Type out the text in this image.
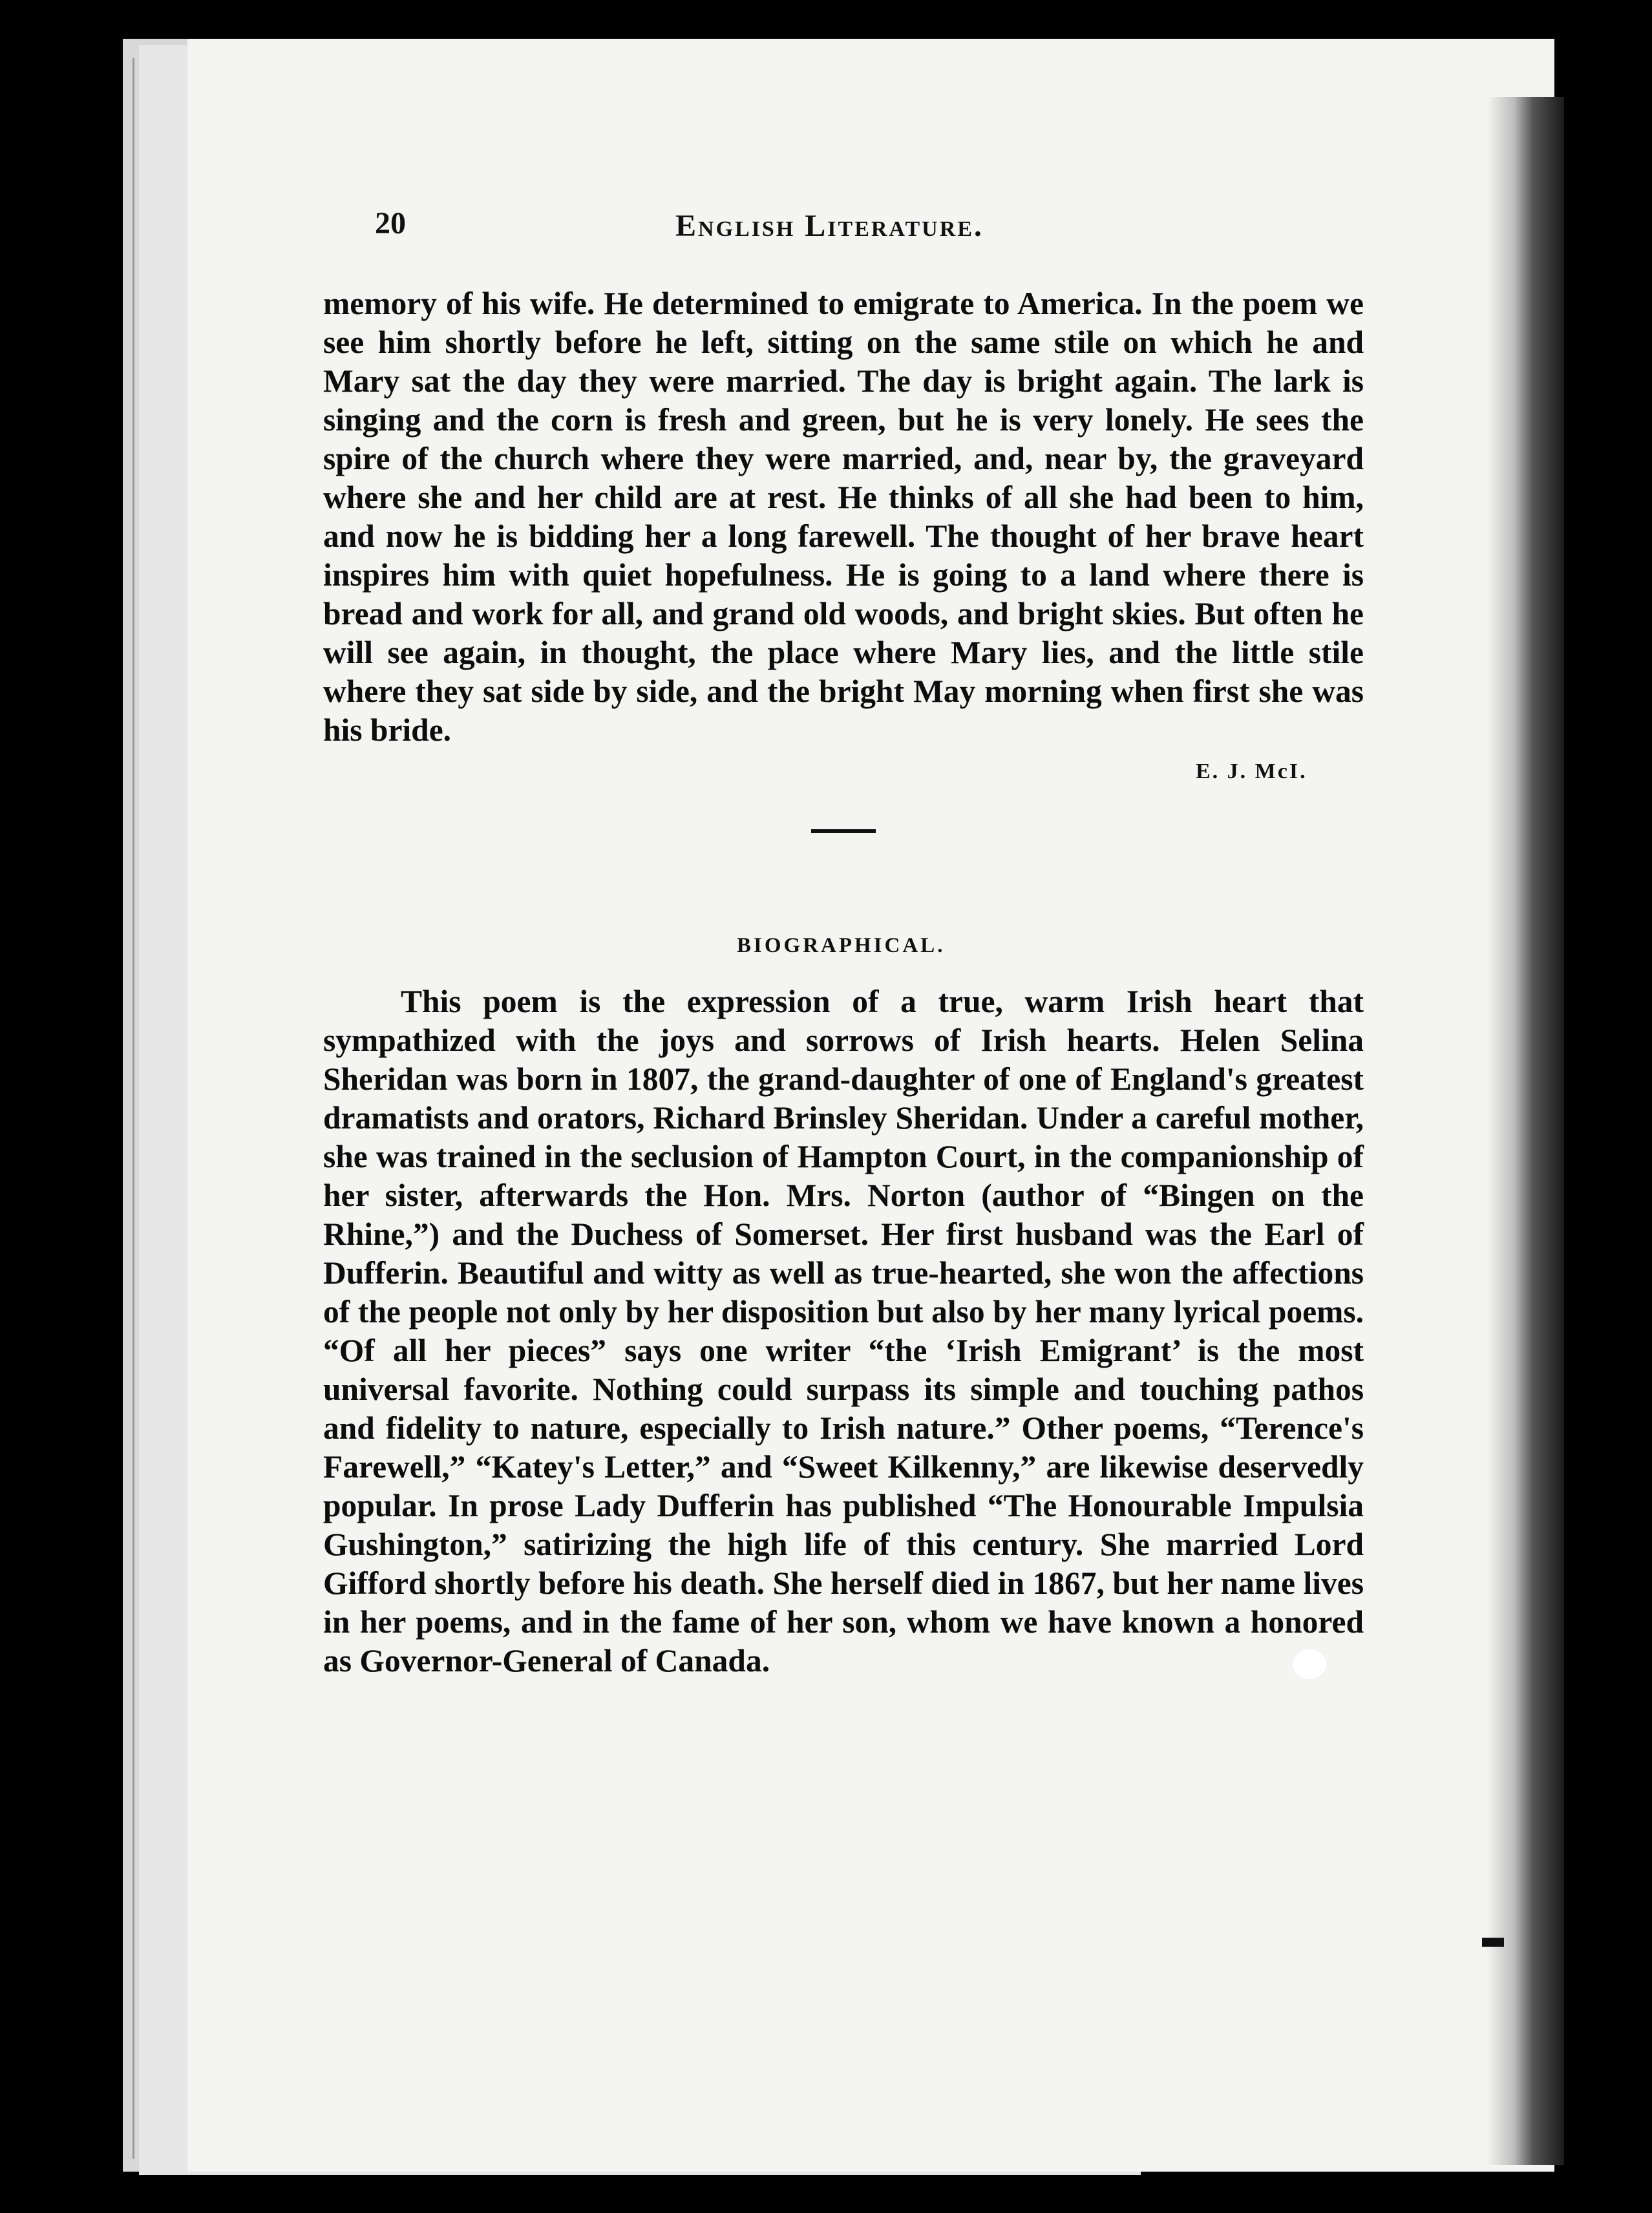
20	English Literature.

memory of his wife. He determined to emigrate to America. In the poem we see him shortly before he left, sitting on the same stile on which he and Mary sat the day they were married. The day is bright again. The lark is singing and the corn is fresh and green, but he is very lonely. He sees the spire of the church where they were married, and, near by, the graveyard where she and her child are at rest. He thinks of all she had been to him, and now he is bidding her a long farewell. The thought of her brave heart inspires him with quiet hopefulness. He is going to a land where there is bread and work for all, and grand old woods, and bright skies. But often he will see again, in thought, the place where Mary lies, and the little stile where they sat side by side, and the bright May morning when first she was his bride.

E. J. McI.
BIOGRAPHICAL.

This poem is the expression of a true, warm Irish heart that sympathized with the joys and sorrows of Irish hearts. Helen Selina Sheridan was born in 1807, the grand-daughter of one of England's greatest dramatists and orators, Richard Brinsley Sheridan. Under a careful mother, she was trained in the seclusion of Hampton Court, in the companionship of her sister, afterwards the Hon. Mrs. Norton (author of “Bingen on the Rhine,”) and the Duchess of Somerset. Her first husband was the Earl of Dufferin. Beautiful and witty as well as true-hearted, she won the affections of the people not only by her disposition but also by her many lyrical poems. “Of all her pieces” says one writer “the ‘Irish Emigrant’ is the most universal favorite. Nothing could surpass its simple and touching pathos and fidelity to nature, especially to Irish nature.” Other poems, “Terence's Farewell,” “Katey's Letter,” and “Sweet Kilkenny,” are likewise deservedly popular. In prose Lady Dufferin has published “The Honourable Impulsia Gushington,” satirizing the high life of this century. She married Lord Gifford shortly before his death. She herself died in 1867, but her name lives in her poems, and in the fame of her son, whom we have known a honored as Governor-General of Canada.
